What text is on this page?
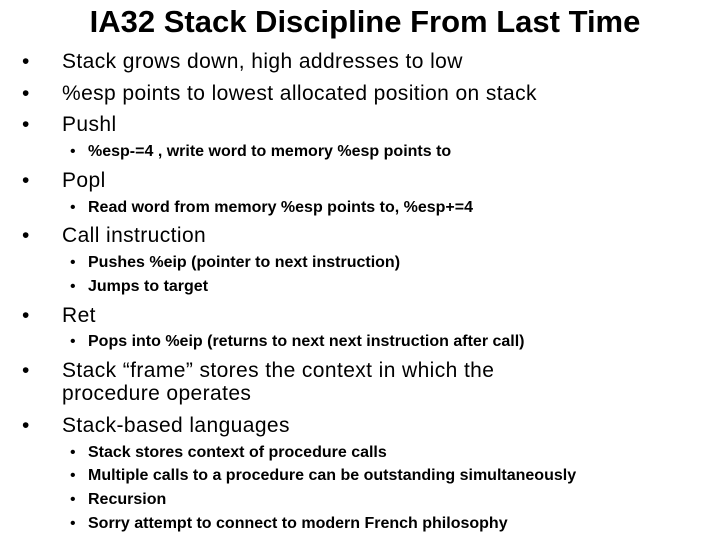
IA32 Stack Discipline From Last Time
• Stack grows down, high addresses to low
• %esp points to lowest allocated position on stack
• Pushl
• %esp-=4 , write word to memory %esp points to
• Popl
• Read word from memory %esp points to, %esp+=4
• Call instruction
• Pushes %eip (pointer to next instruction)
• Jumps to target
• Ret
• Pops into %eip (returns to next next instruction after call)
• Stack “frame” stores the context in which the
procedure operates
• Stack-based languages
• Stack stores context of procedure calls
• Multiple calls to a procedure can be outstanding simultaneously
• Recursion
• Sorry attempt to connect to modern French philosophy
